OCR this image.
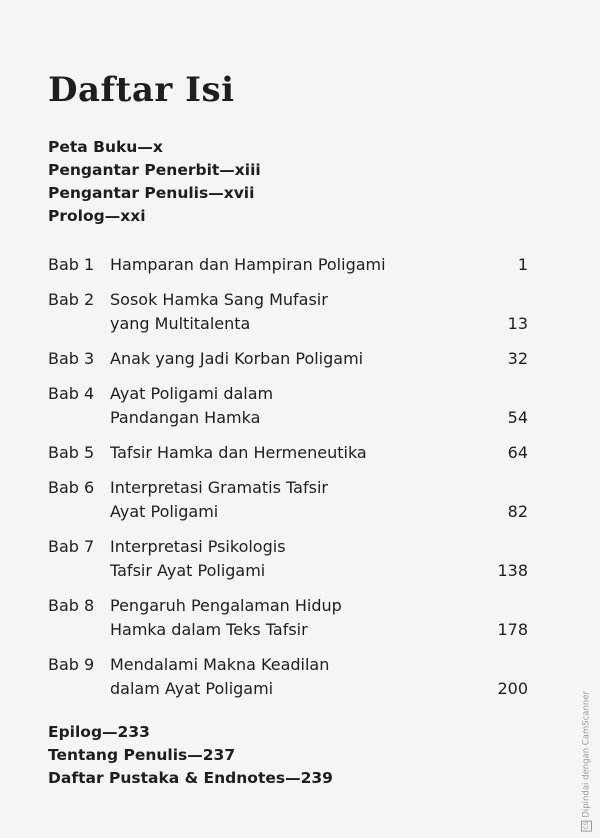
Daftar Isi
Peta Buku—x
Pengantar Penerbit—xiii
Pengantar Penulis—xvii
Prolog—xxi
Bab 1 Hamparan dan Hampiran Poligami	1
Bab 2 Sosok Hamka Sang Mufasir
yang Multitalenta	13
Bab 3 Anak yang Jadi Korban Poligami	32
Bab 4 Ayat Poligami dalam
Pandangan Hamka	54
Bab 5 Tafsir Hamka dan Hermeneutika	64
Bab 6 Interpretasi Gramatis Tafsir
Ayat Poligami	82
Bab 7 Interpretasi Psikologis
Tafsir Ayat Poligami	138
Bab 8 Pengaruh Pengalaman Hidup
Hamka dalam Teks Tafsir	178
Bab 9 Mendalami Makna Keadilan
dalam Ayat Poligami	200
Epilog—233
Tentang Penulis—237
Daftar Pustaka & Endnotes—239
CS
Dipindai dengan CamScanner
